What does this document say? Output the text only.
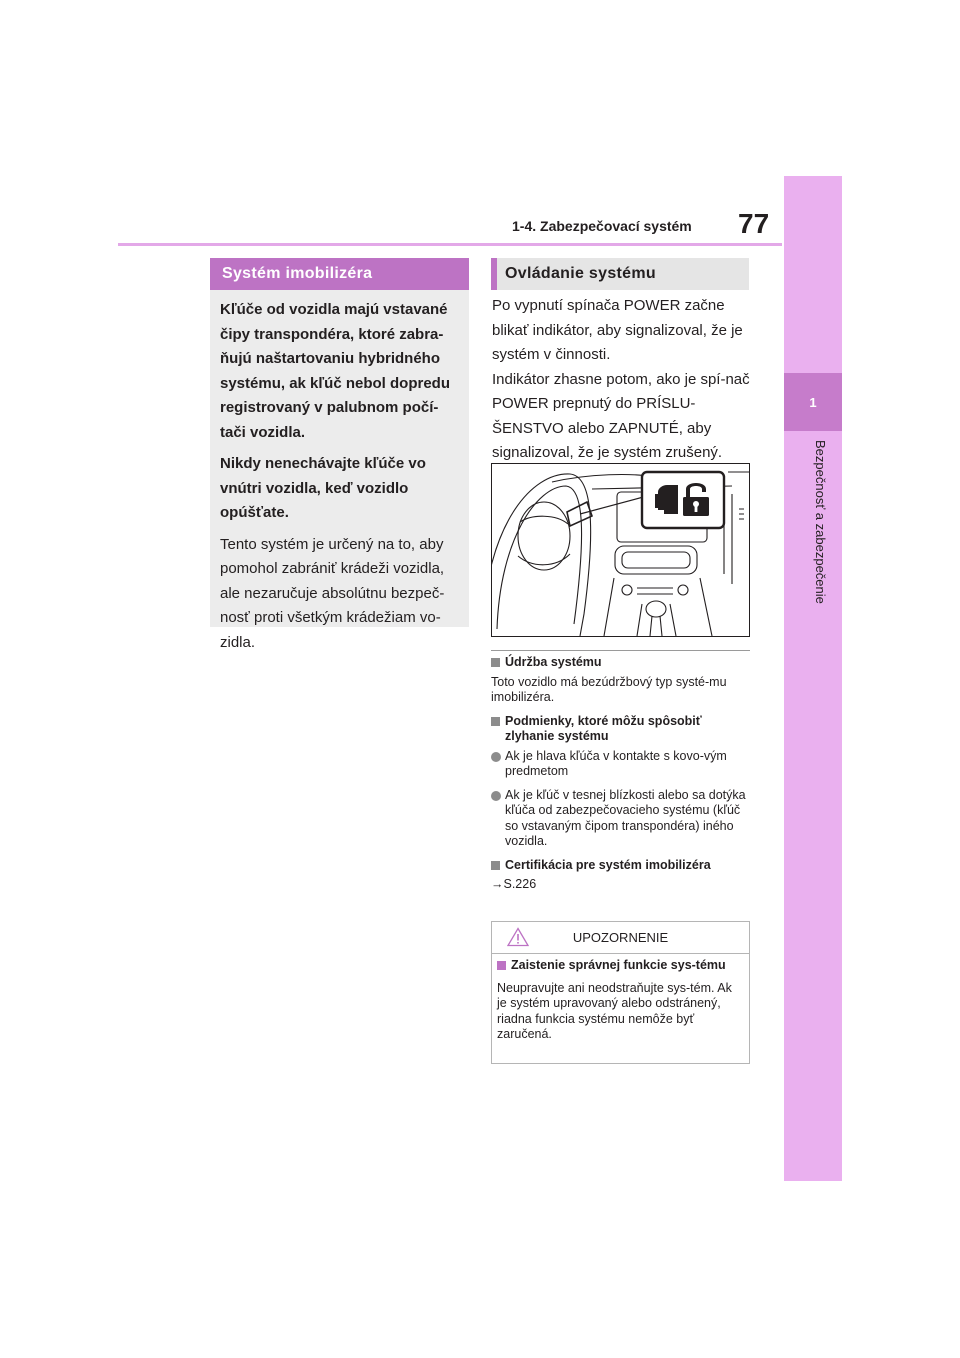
1-4. Zabezpečovací systém 77
1
Bezpečnosť a zabezpečenie
Systém imobilizéra

Kľúče od vozidla majú vstavané čipy transpondéra, ktoré zabra-ňujú naštartovaniu hybridného systému, ak kľúč nebol dopredu registrovaný v palubnom počí-tači vozidla.

Nikdy nenechávajte kľúče vo vnútri vozidla, keď vozidlo opúšťate.

Tento systém je určený na to, aby pomohol zabrániť krádeži vozidla, ale nezaručuje absolútnu bezpeč-nosť proti všetkým krádežiam vo-zidla.

Ovládanie systému

Po vypnutí spínača POWER začne blikať indikátor, aby signalizoval, že je systém v činnosti.

Indikátor zhasne potom, ako je spí-nač POWER prepnutý do PRÍSLU-ŠENSTVO alebo ZAPNUTÉ, aby signalizoval, že je systém zrušený.

Údržba systému

Toto vozidlo má bezúdržbový typ systé-mu imobilizéra.

Podmienky, ktoré môžu spôsobiť zlyhanie systému

Ak je hlava kľúča v kontakte s kovo-vým predmetom

Ak je kľúč v tesnej blízkosti alebo sa dotýka kľúča od zabezpečovacieho systému (kľúč so vstavaným čipom transpondéra) iného vozidla.

Certifikácia pre systém imobilizéra

→S.226

UPOZORNENIE

Zaistenie správnej funkcie sys-tému

Neupravujte ani neodstraňujte sys-tém. Ak je systém upravovaný alebo odstránený, riadna funkcia systému nemôže byť zaručená.
